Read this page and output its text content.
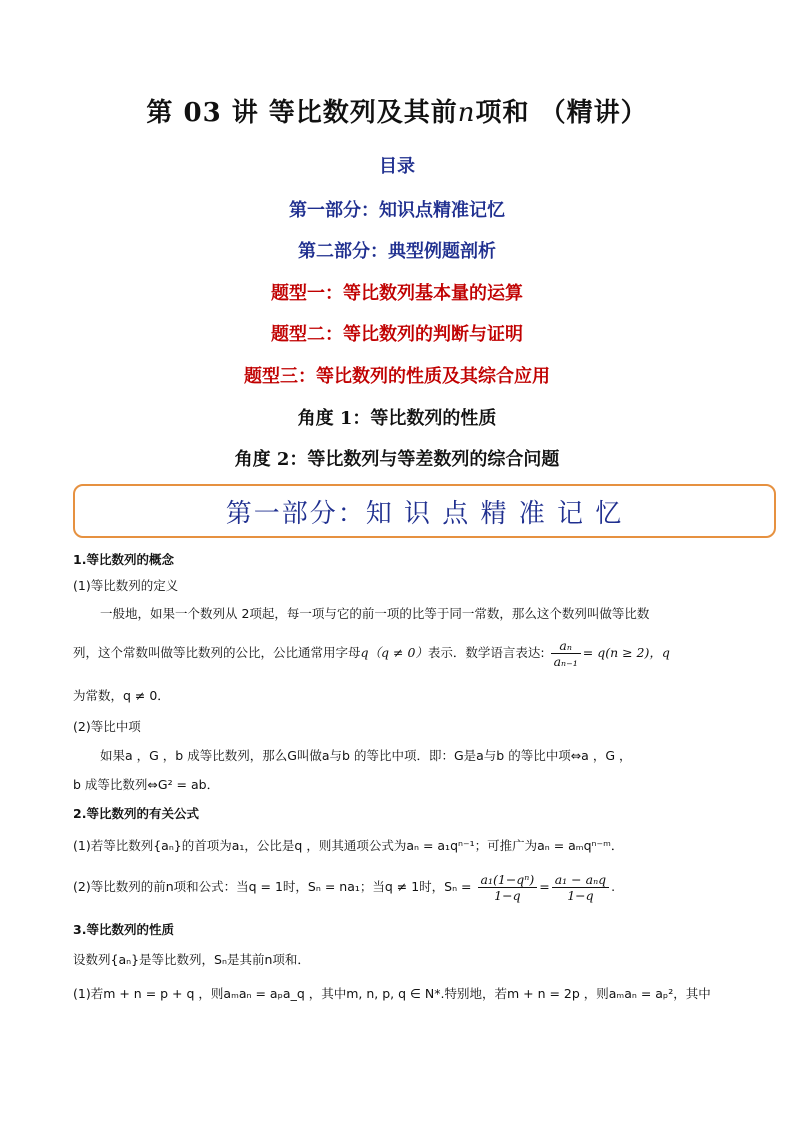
第 03 讲 等比数列及其前n项和 （精讲）
目录
第一部分：知识点精准记忆
第二部分：典型例题剖析
题型一：等比数列基本量的运算
题型二：等比数列的判断与证明
题型三：等比数列的性质及其综合应用
角度 1：等比数列的性质
角度 2：等比数列与等差数列的综合问题
第一部分：知 识 点 精 准 记 忆
1.等比数列的概念
(1)等比数列的定义
一般地，如果一个数列从 2项起，每一项与它的前一项的比等于同一常数，那么这个数列叫做等比数
列，这个常数叫做等比数列的公比，公比通常用字母q（q ≠ 0）表示．数学语言表达: $\frac{\text{aₙ}}{\text{aₙ₋₁}} = q(n \ge 2)$，q
为常数，q ≠ 0．
(2)等比中项
如果a ，G ，b 成等比数列，那么G叫做a与b 的等比中项．即：G是a与b 的等比中项⇔a ，G ，
b 成等比数列⇔G² = ab．
2.等比数列的有关公式
(1)若等比数列{aₙ}的首项为a₁，公比是q ，则其通项公式为aₙ = a₁qⁿ⁻¹；可推广为aₙ = aₘqⁿ⁻ᵐ．
(2)等比数列的前n项和公式：当q = 1时，Sₙ = na₁；当q ≠ 1时，$S_n = \frac{\text{a₁(1−qⁿ)}}{1-q} = \frac{\text{a₁ − aₙq}}{1-q}$ .
3.等比数列的性质
设数列{aₙ}是等比数列，Sₙ是其前n项和．
(1)若m + n = p + q ，则aₘaₙ = aₚa_q ，其中m, n, p, q ∈ N*.特别地，若m + n = 2p ，则aₘaₙ = aₚ²，其中
